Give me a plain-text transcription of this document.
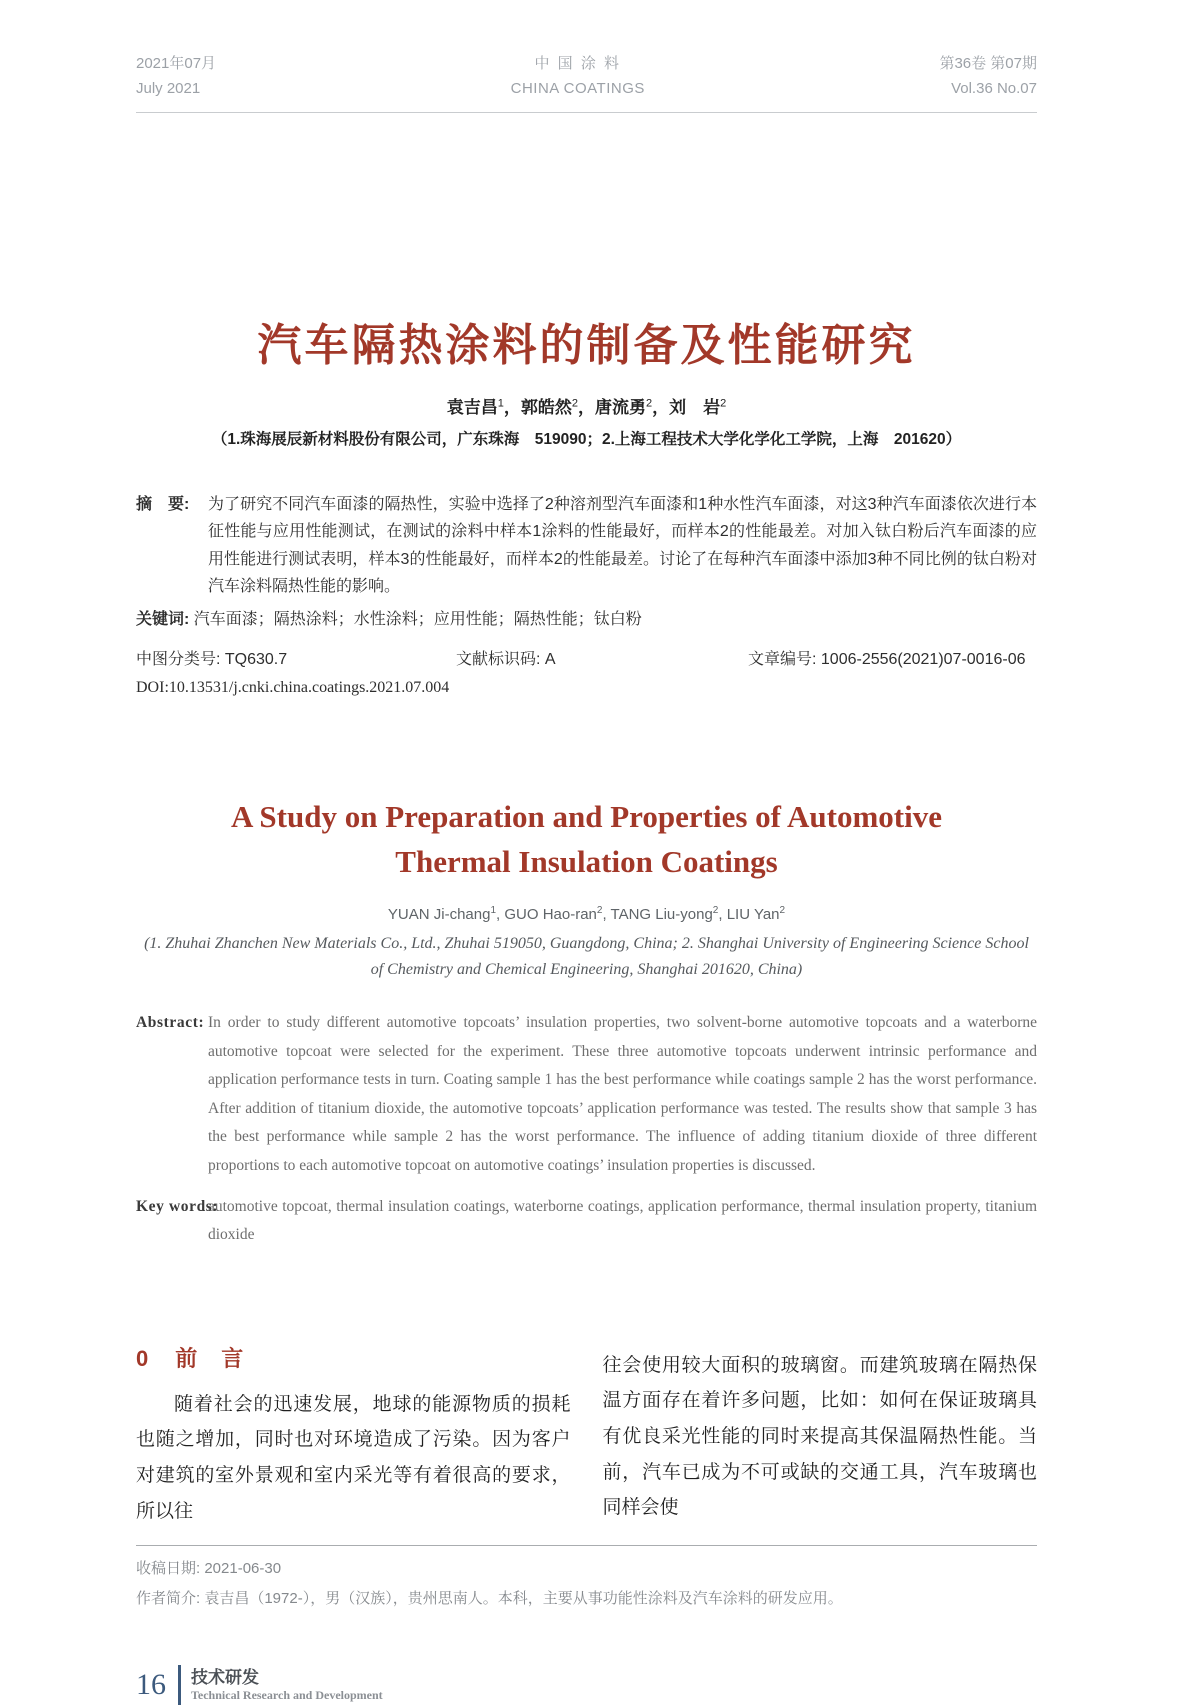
2021年07月
July 2021
中 国 涂 料
CHINA COATINGS
第36卷 第07期
Vol.36 No.07
汽车隔热涂料的制备及性能研究
袁吉昌$^1$，郭皓然$^2$，唐流勇$^2$，刘　岩$^2$
（1.珠海展辰新材料股份有限公司，广东珠海　519090；2.上海工程技术大学化学化工学院，上海　201620）
摘　要: 为了研究不同汽车面漆的隔热性，实验中选择了2种溶剂型汽车面漆和1种水性汽车面漆，对这3种汽车面漆依次进行本征性能与应用性能测试，在测试的涂料中样本1涂料的性能最好，而样本2的性能最差。对加入钛白粉后汽车面漆的应用性能进行测试表明，样本3的性能最好，而样本2的性能最差。讨论了在每种汽车面漆中添加3种不同比例的钛白粉对汽车涂料隔热性能的影响。
关键词: 汽车面漆；隔热涂料；水性涂料；应用性能；隔热性能；钛白粉
中图分类号: TQ630.7	文献标识码: A	文章编号: 1006-2556(2021)07-0016-06
DOI:10.13531/j.cnki.china.coatings.2021.07.004
A Study on Preparation and Properties of Automotive Thermal Insulation Coatings
YUAN Ji-chang$^1$, GUO Hao-ran$^2$, TANG Liu-yong$^2$, LIU Yan$^2$
(1. Zhuhai Zhanchen New Materials Co., Ltd., Zhuhai 519050, Guangdong, China; 2. Shanghai University of Engineering Science School of Chemistry and Chemical Engineering, Shanghai 201620, China)
Abstract: In order to study different automotive topcoats’ insulation properties, two solvent-borne automotive topcoats and a waterborne automotive topcoat were selected for the experiment. These three automotive topcoats underwent intrinsic performance and application performance tests in turn. Coating sample 1 has the best performance while coatings sample 2 has the worst performance. After addition of titanium dioxide, the automotive topcoats’ application performance was tested. The results show that sample 3 has the best performance while sample 2 has the worst performance. The influence of adding titanium dioxide of three different proportions to each automotive topcoat on automotive coatings’ insulation properties is discussed.
Key words:
automotive topcoat, thermal insulation coatings, waterborne coatings, application performance, thermal insulation property, titanium dioxide
0 前　言

随着社会的迅速发展，地球的能源物质的损耗也随之增加，同时也对环境造成了污染。因为客户对建筑的室外景观和室内采光等有着很高的要求，所以往

往会使用较大面积的玻璃窗。而建筑玻璃在隔热保温方面存在着许多问题，比如：如何在保证玻璃具有优良采光性能的同时来提高其保温隔热性能。当前，汽车已成为不可或缺的交通工具，汽车玻璃也同样会使

收稿日期: 2021-06-30
作者简介: 袁吉昌（1972-），男（汉族），贵州思南人。本科，主要从事功能性涂料及汽车涂料的研发应用。
16	技术研发
Technical Research and Development
